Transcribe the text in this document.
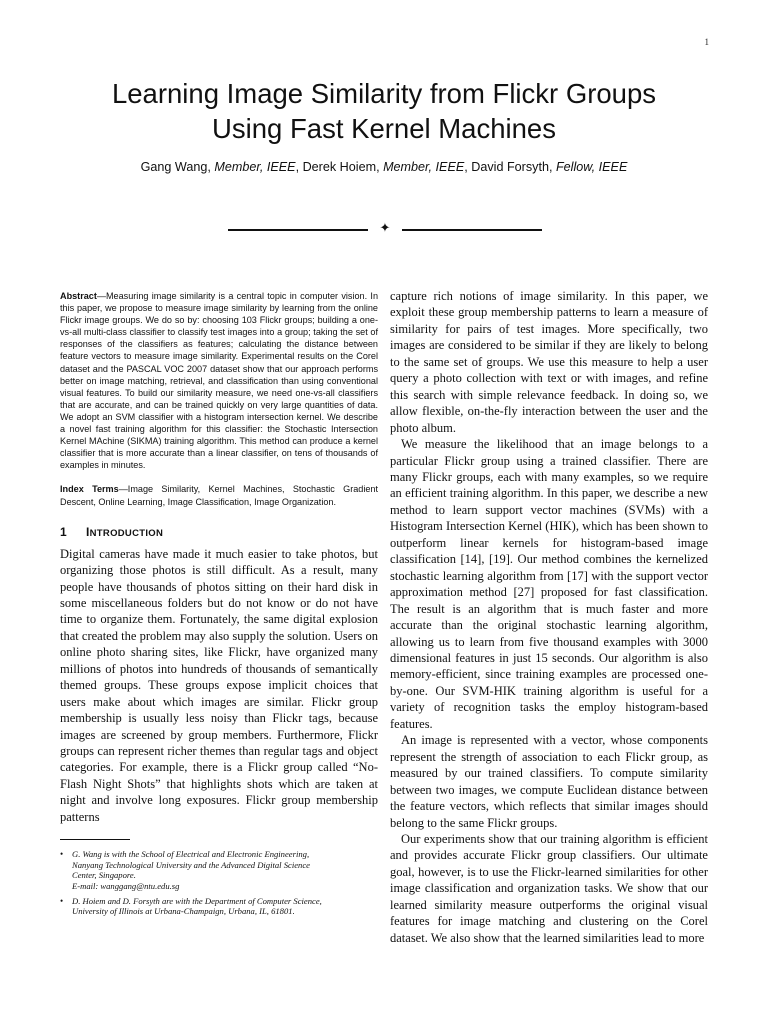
1
Learning Image Similarity from Flickr Groups
Using Fast Kernel Machines
Gang Wang, Member, IEEE, Derek Hoiem, Member, IEEE, David Forsyth, Fellow, IEEE
✦

Abstract—Measuring image similarity is a central topic in computer vision. In this paper, we propose to measure image similarity by learning from the online Flickr image groups. We do so by: choosing 103 Flickr groups; building a one-vs-all multi-class classifier to classify test images into a group; taking the set of responses of the classifiers as features; calculating the distance between feature vectors to measure image similarity. Experimental results on the Corel dataset and the PASCAL VOC 2007 dataset show that our approach performs better on image matching, retrieval, and classification than using conventional visual features. To build our similarity measure, we need one-vs-all classifiers that are accurate, and can be trained quickly on very large quantities of data. We adopt an SVM classifier with a histogram intersection kernel. We describe a novel fast training algorithm for this classifier: the Stochastic Intersection Kernel MAchine (SIKMA) training algorithm. This method can produce a kernel classifier that is more accurate than a linear classifier, on tens of thousands of examples in minutes.

Index Terms—Image Similarity, Kernel Machines, Stochastic Gradient Descent, Online Learning, Image Classification, Image Organization.

1 INTRODUCTION

Digital cameras have made it much easier to take photos, but organizing those photos is still difficult. As a result, many people have thousands of photos sitting on their hard disk in some miscellaneous folders but do not know or do not have time to organize them. Fortunately, the same digital explosion that created the problem may also supply the solution. Users on online photo sharing sites, like Flickr, have organized many millions of photos into hundreds of thousands of semantically themed groups. These groups expose implicit choices that users make about which images are similar. Flickr group membership is usually less noisy than Flickr tags, because images are screened by group members. Furthermore, Flickr groups can represent richer themes than regular tags and object categories. For example, there is a Flickr group called “No-Flash Night Shots” that highlights shots which are taken at night and involve long exposures. Flickr group membership patterns

• G. Wang is with the School of Electrical and Electronic Engineering,
Nanyang Technological University and the Advanced Digital Science
Center, Singapore.
E-mail: wanggang@ntu.edu.sg
• D. Hoiem and D. Forsyth are with the Department of Computer Science,
University of Illinois at Urbana-Champaign, Urbana, IL, 61801.

capture rich notions of image similarity. In this paper, we exploit these group membership patterns to learn a measure of similarity for pairs of test images. More specifically, two images are considered to be similar if they are likely to belong to the same set of groups. We use this measure to help a user query a photo collection with text or with images, and refine this search with simple relevance feedback. In doing so, we allow flexible, on-the-fly interaction between the user and the photo album.

We measure the likelihood that an image belongs to a particular Flickr group using a trained classifier. There are many Flickr groups, each with many examples, so we require an efficient training algorithm. In this paper, we describe a new method to learn support vector machines (SVMs) with a Histogram Intersection Kernel (HIK), which has been shown to outperform linear kernels for histogram-based image classification [14], [19]. Our method combines the kernelized stochastic learning algorithm from [17] with the support vector approximation method [27] proposed for fast classification. The result is an algorithm that is much faster and more accurate than the original stochastic learning algorithm, allowing us to learn from five thousand examples with 3000 dimensional features in just 15 seconds. Our algorithm is also memory-efficient, since training examples are processed one-by-one. Our SVM-HIK training algorithm is useful for a variety of recognition tasks the employ histogram-based features.

An image is represented with a vector, whose components represent the strength of association to each Flickr group, as measured by our trained classifiers. To compute similarity between two images, we compute Euclidean distance between the feature vectors, which reflects that similar images should belong to the same Flickr groups.

Our experiments show that our training algorithm is efficient and provides accurate Flickr group classifiers. Our ultimate goal, however, is to use the Flickr-learned similarities for other image classification and organization tasks. We show that our learned similarity measure outperforms the original visual features for image matching and clustering on the Corel dataset. We also show that the learned similarities lead to more
